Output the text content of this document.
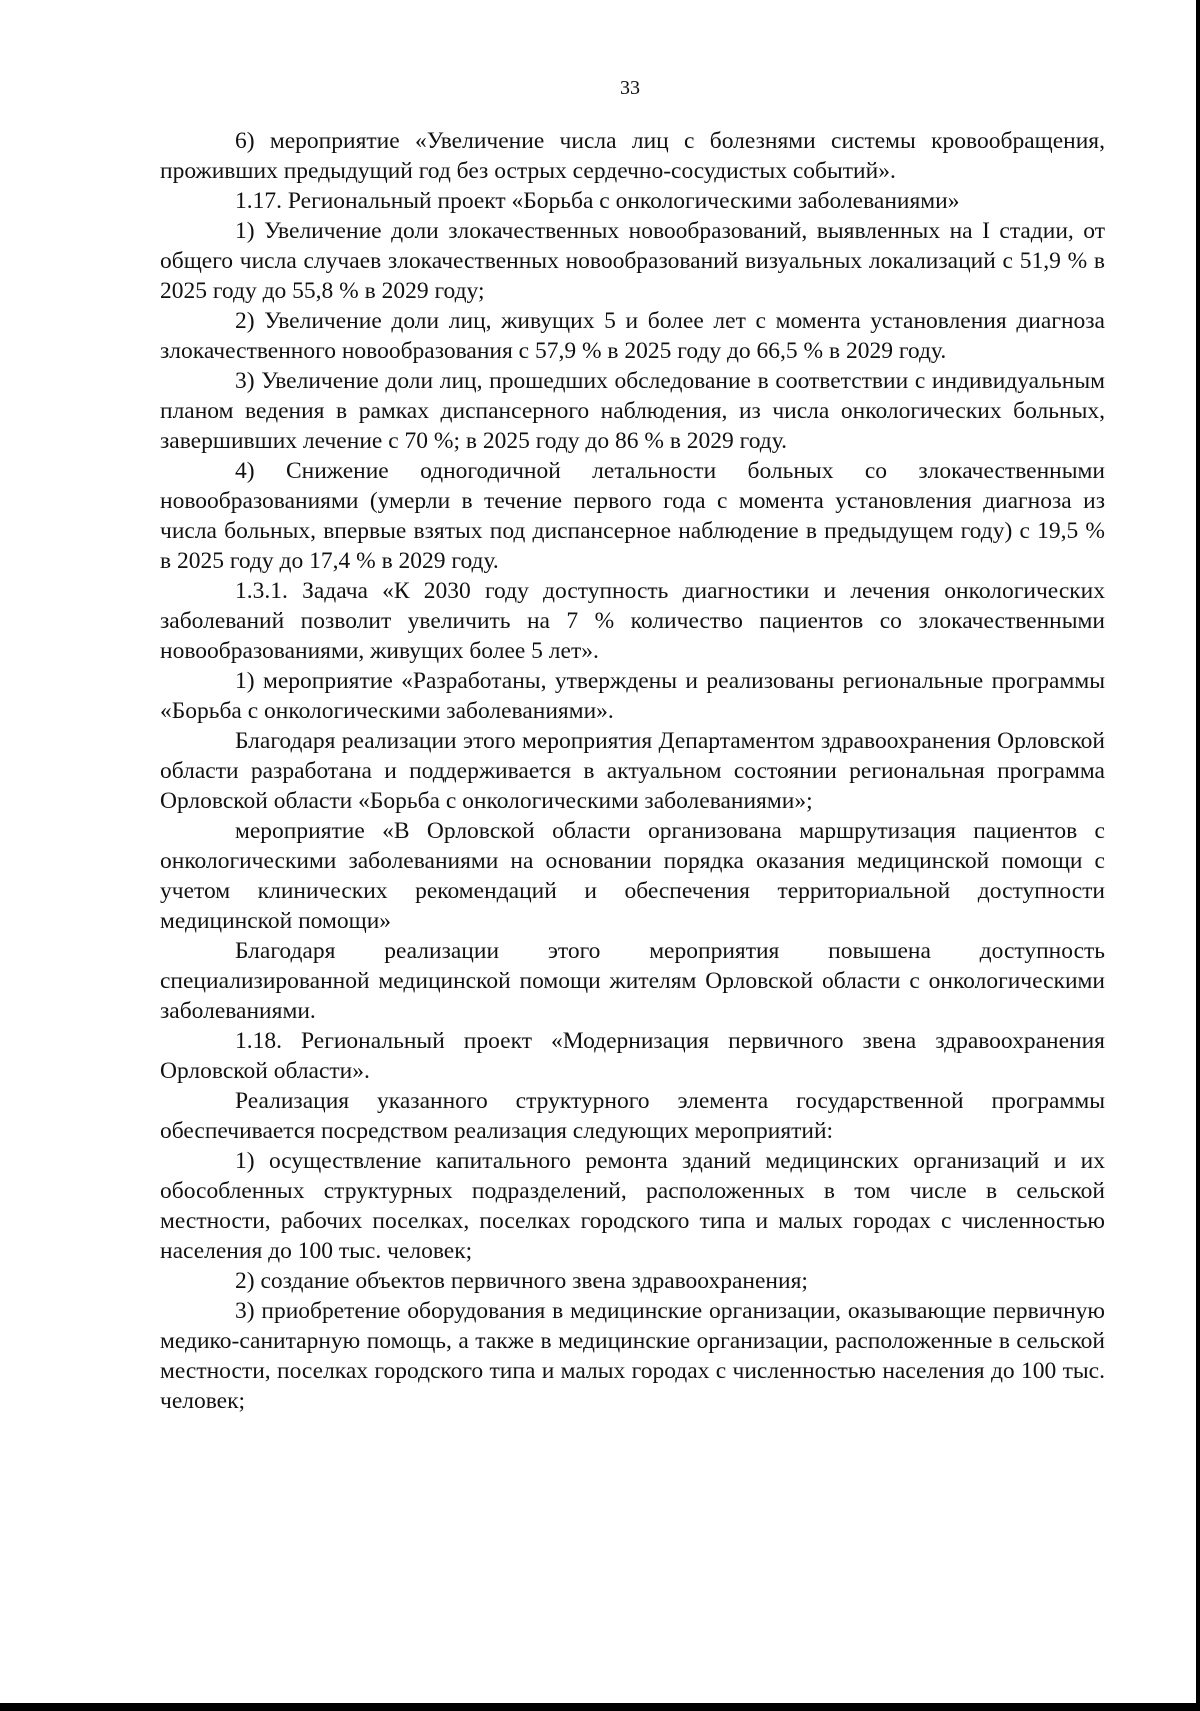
33

6) мероприятие «Увеличение числа лиц с болезнями системы кровообращения, проживших предыдущий год без острых сердечно-сосудистых событий».

1.17. Региональный проект «Борьба с онкологическими заболеваниями»

1) Увеличение доли злокачественных новообразований, выявленных на I стадии, от общего числа случаев злокачественных новообразований визуальных локализаций с 51,9 % в 2025 году до 55,8 % в 2029 году;

2) Увеличение доли лиц, живущих 5 и более лет с момента установления диагноза злокачественного новообразования с 57,9 % в 2025 году до 66,5 % в 2029 году.

3) Увеличение доли лиц, прошедших обследование в соответствии с индивидуальным планом ведения в рамках диспансерного наблюдения, из числа онкологических больных, завершивших лечение с 70 %; в 2025 году до 86 % в 2029 году.

4) Снижение одногодичной летальности больных со злокачественными новообразованиями (умерли в течение первого года с момента установления диагноза из числа больных, впервые взятых под диспансерное наблюдение в предыдущем году) с 19,5 % в 2025 году до 17,4 % в 2029 году.

1.3.1. Задача «К 2030 году доступность диагностики и лечения онкологических заболеваний позволит увеличить на 7 % количество пациентов со злокачественными новообразованиями, живущих более 5 лет».

1) мероприятие «Разработаны, утверждены и реализованы региональные программы «Борьба с онкологическими заболеваниями».

Благодаря реализации этого мероприятия Департаментом здравоохранения Орловской области разработана и поддерживается в актуальном состоянии региональная программа Орловской области «Борьба с онкологическими заболеваниями»;

мероприятие «В Орловской области организована маршрутизация пациентов с онкологическими заболеваниями на основании порядка оказания медицинской помощи с учетом клинических рекомендаций и обеспечения территориальной доступности медицинской помощи»

Благодаря реализации этого мероприятия повышена доступность специализированной медицинской помощи жителям Орловской области с онкологическими заболеваниями.

1.18. Региональный проект «Модернизация первичного звена здравоохранения Орловской области».

Реализация указанного структурного элемента государственной программы обеспечивается посредством реализация следующих мероприятий:

1) осуществление капитального ремонта зданий медицинских организаций и их обособленных структурных подразделений, расположенных в том числе в сельской местности, рабочих поселках, поселках городского типа и малых городах с численностью населения до 100 тыс. человек;

2) создание объектов первичного звена здравоохранения;

3) приобретение оборудования в медицинские организации, оказывающие первичную медико-санитарную помощь, а также в медицинские организации, расположенные в сельской местности, поселках городского типа и малых городах с численностью населения до 100 тыс. человек;
